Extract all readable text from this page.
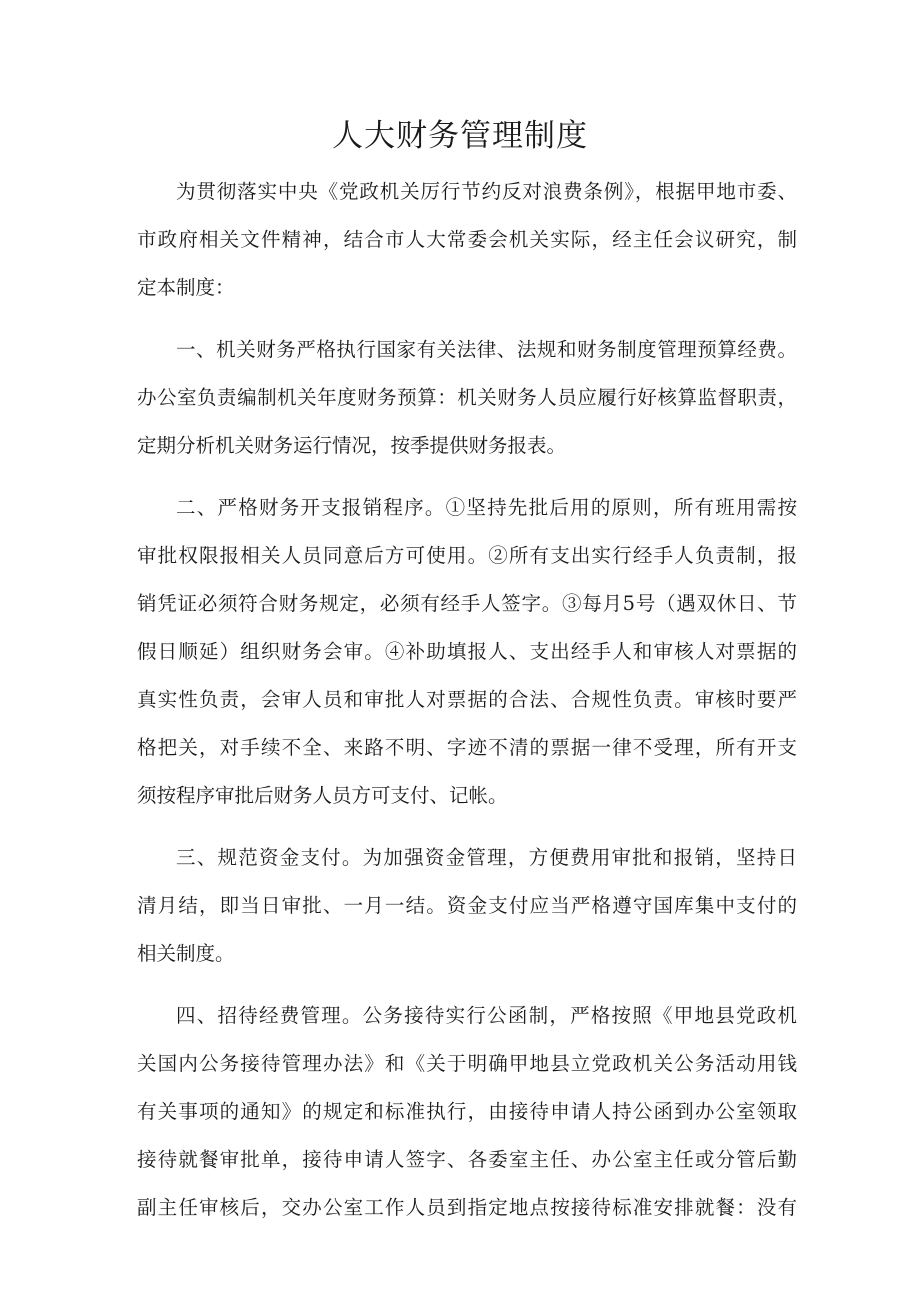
人大财务管理制度
为贯彻落实中央《党政机关厉行节约反对浪费条例》，根据甲地市委、
市政府相关文件精神，结合市人大常委会机关实际，经主任会议研究，制
定本制度：
一、机关财务严格执行国家有关法律、法规和财务制度管理预算经费。
办公室负责编制机关年度财务预算：机关财务人员应履行好核算监督职责，
定期分析机关财务运行情况，按季提供财务报表。
二、严格财务开支报销程序。①坚持先批后用的原则，所有班用需按
审批权限报相关人员同意后方可使用。②所有支出实行经手人负责制，报
销凭证必须符合财务规定，必须有经手人签字。③每月5号（遇双休日、节
假日顺延）组织财务会审。④补助填报人、支出经手人和审核人对票据的
真实性负责，会审人员和审批人对票据的合法、合规性负责。审核时要严
格把关，对手续不全、来路不明、字迹不清的票据一律不受理，所有开支
须按程序审批后财务人员方可支付、记帐。
三、规范资金支付。为加强资金管理，方便费用审批和报销，坚持日
清月结，即当日审批、一月一结。资金支付应当严格遵守国库集中支付的
相关制度。
四、招待经费管理。公务接待实行公函制，严格按照《甲地县党政机
关国内公务接待管理办法》和《关于明确甲地县立党政机关公务活动用钱
有关事项的通知》的规定和标准执行，由接待申请人持公函到办公室领取
接待就餐审批单，接待申请人签字、各委室主任、办公室主任或分管后勤
副主任审核后，交办公室工作人员到指定地点按接待标准安排就餐：没有
